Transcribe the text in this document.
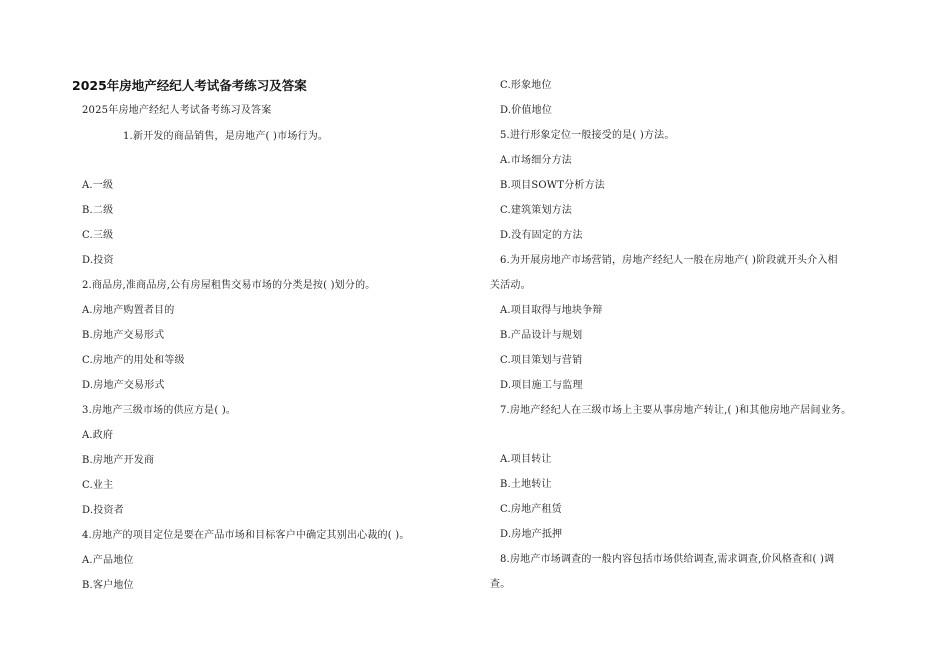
2025年房地产经纪人考试备考练习及答案
2025年房地产经纪人考试备考练习及答案
1.新开发的商品销售，是房地产( )市场行为。
A.一级
B.二级
C.三级
D.投资
2.商品房,准商品房,公有房屋租售交易市场的分类是按( )划分的。
A.房地产购置者目的
B.房地产交易形式
C.房地产的用处和等级
D.房地产交易形式
3.房地产三级市场的供应方是( )。
A.政府
B.房地产开发商
C.业主
D.投资者
4.房地产的项目定位是要在产品市场和目标客户中确定其别出心裁的( )。
A.产品地位
B.客户地位
C.形象地位
D.价值地位
5.进行形象定位一般接受的是( )方法。
A.市场细分方法
B.项目SOWT分析方法
C.建筑策划方法
D.没有固定的方法
6.为开展房地产市场营销，房地产经纪人一般在房地产( )阶段就开头介入相
关活动。
A.项目取得与地块争辩
B.产品设计与规划
C.项目策划与营销
D.项目施工与监理
7.房地产经纪人在三级市场上主要从事房地产转让,( )和其他房地产居间业务。
A.项目转让
B.土地转让
C.房地产租赁
D.房地产抵押
8.房地产市场调查的一般内容包括市场供给调查,需求调查,价风格查和( )调
查。
